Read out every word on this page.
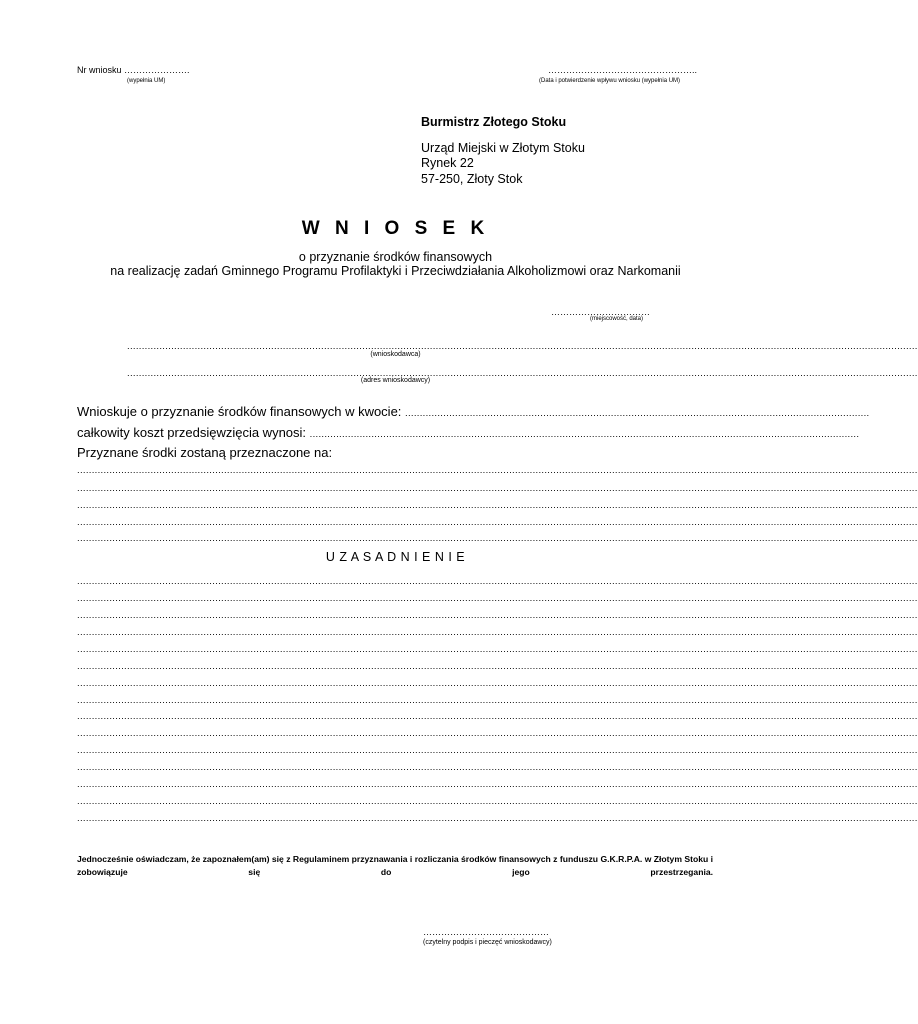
Nr wniosku ………………….
(wypełnia UM)
…………………………………………..
(Data i potwierdzenie wpływu wniosku (wypełnia UM)
Burmistrz Złotego Stoku
Urząd Miejski w Złotym Stoku
Rynek 22
57-250, Złoty Stok
W N I O S E K
o przyznanie środków finansowych
na realizację zadań Gminnego Programu Profilaktyki i Przeciwdziałania Alkoholizmowi oraz Narkomanii
……………………………
(miejscowość, data)
.............................................................................................................................................................................................................................................................................
(wnioskodawca)
.............................................................................................................................................................................................................................................................................
(adres wnioskodawcy)
Wnioskuje o przyznanie środków finansowych w kwocie: ..............................................................................................................................................................
całkowity koszt przedsięwzięcia wynosi: ...........................................................................................................................................................................................
Przyznane środki zostaną przeznaczone na:
..............................................................................................................................................................................................................................................................................................
..............................................................................................................................................................................................................................................................................................
..............................................................................................................................................................................................................................................................................................
..............................................................................................................................................................................................................................................................................................
..............................................................................................................................................................................................................................................................................................
U Z A S A D N I E N I E
..............................................................................................................................................................................................................................................................................................
..............................................................................................................................................................................................................................................................................................
..............................................................................................................................................................................................................................................................................................
..............................................................................................................................................................................................................................................................................................
..............................................................................................................................................................................................................................................................................................
..............................................................................................................................................................................................................................................................................................
..............................................................................................................................................................................................................................................................................................
..............................................................................................................................................................................................................................................................................................
..............................................................................................................................................................................................................................................................................................
..............................................................................................................................................................................................................................................................................................
..............................................................................................................................................................................................................................................................................................
..............................................................................................................................................................................................................................................................................................
..............................................................................................................................................................................................................................................................................................
..............................................................................................................................................................................................................................................................................................
..............................................................................................................................................................................................................................................................................................
Jednocześnie oświadczam, że zapoznałem(am) się z Regulaminem przyznawania i rozliczania środków finansowych z funduszu G.K.R.P.A. w Złotym Stoku i zobowiązuje się do jego przestrzegania.
……………………………………
(czytelny podpis i pieczęć wnioskodawcy)
